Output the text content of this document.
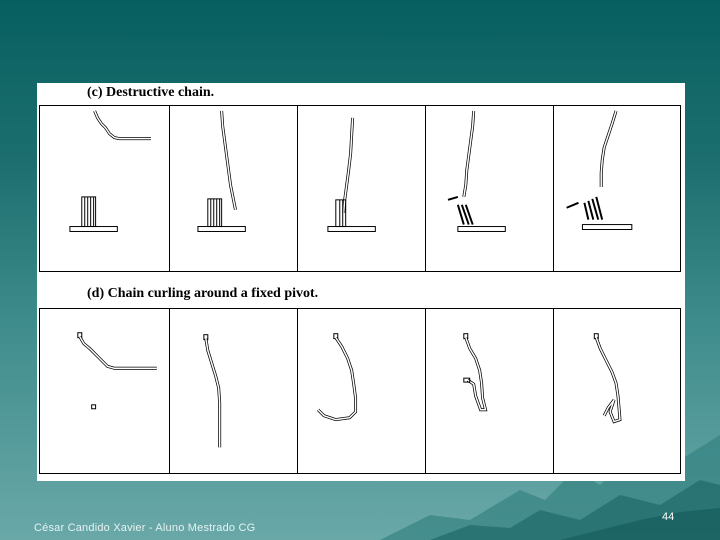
(c) Destructive chain.
(d) Chain curling around a fixed pivot.
César Candido Xavier - Aluno Mestrado CG
44
